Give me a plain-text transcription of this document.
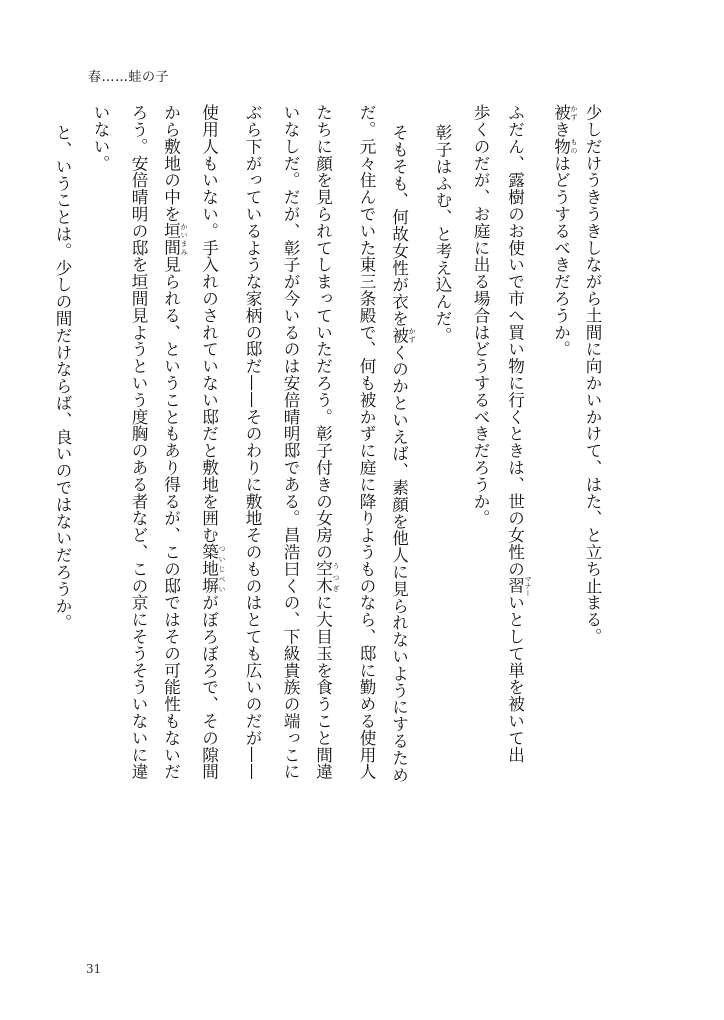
春……蛙の子
少しだけうきうきしながら土間に向かいかけて、はた、と立ち止まる。
被 かずき物 ものはどうするべきだろうか。
ふだん、露樹のお使いで市へ買い物に行くときは、世の女性の習 マナーいとして単を被いて出
歩くのだが、お庭に出る場合はどうするべきだろうか。
彰子はふむ、と考え込んだ。
そもそも、何故女性が衣を被 かずくのかといえば、素顔を他人に見られないようにするため
だ。元々住んでいた東三条殿で、何も被かずに庭に降りようものなら、邸に勤める使用人
たちに顔を見られてしまっていただろう。彰子付きの女房の空木 うつぎに大目玉を食うこと間違
いなしだ。だが、彰子が今いるのは安倍晴明邸である。昌浩曰くの、下級貴族の端っこに
ぶら下がっているような家柄の邸だ——そのわりに敷地そのものはとても広いのだが——
使用人もいない。手入れのされていない邸だと敷地を囲む築地塀 ついじべいがぼろぼろで、その隙間
から敷地の中を垣間 かいまみ見られる、ということもあり得るが、この邸ではその可能性もないだ
ろう。安倍晴明の邸を垣間見ようという度胸のある者など、この京にそうそういないに違
いない。
と、いうことは。少しの間だけならば、良いのではないだろうか。
31
